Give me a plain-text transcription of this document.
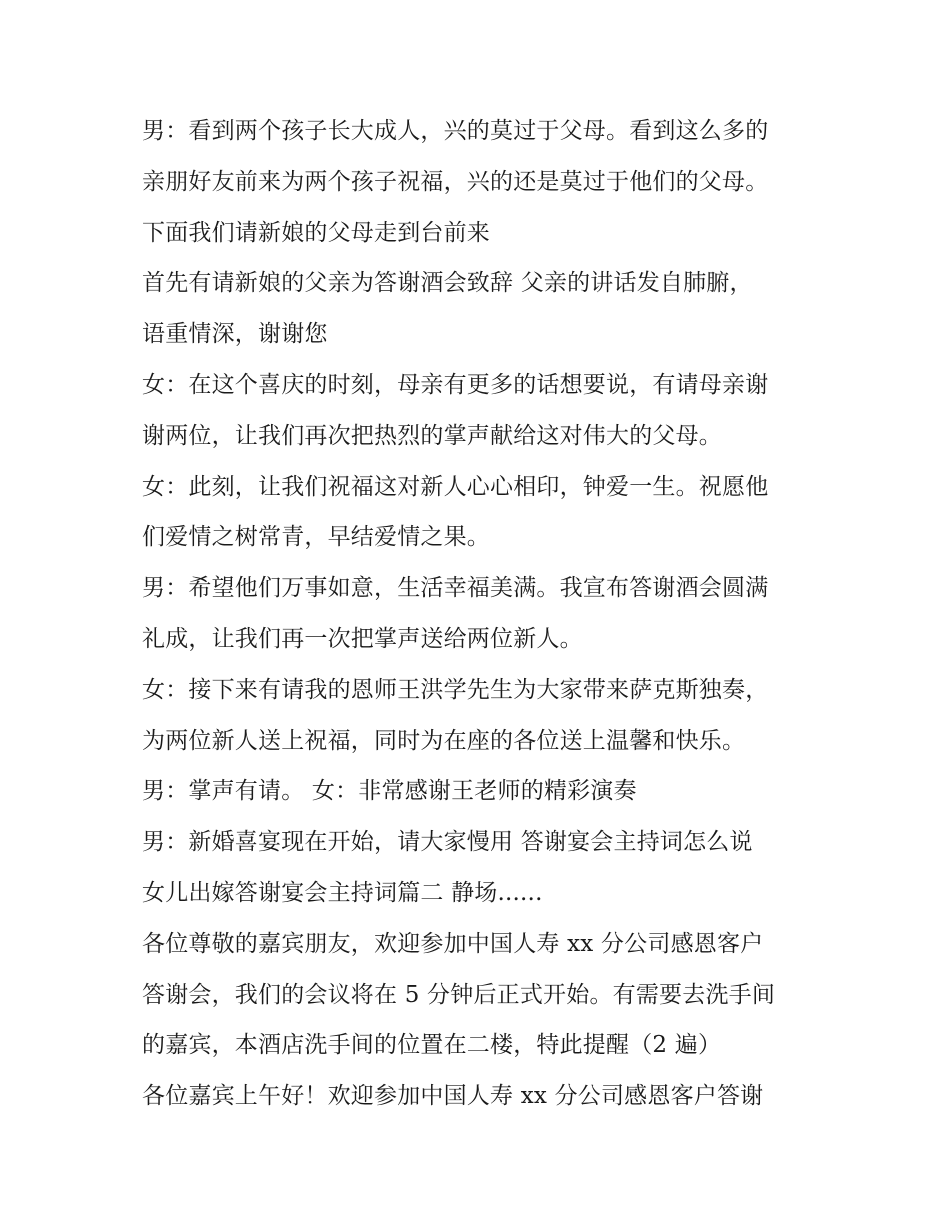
男：看到两个孩子长大成人，兴的莫过于父母。看到这么多的
亲朋好友前来为两个孩子祝福，兴的还是莫过于他们的父母。
下面我们请新娘的父母走到台前来
首先有请新娘的父亲为答谢酒会致辞 父亲的讲话发自肺腑，
语重情深，谢谢您
女：在这个喜庆的时刻，母亲有更多的话想要说，有请母亲谢
谢两位，让我们再次把热烈的掌声献给这对伟大的父母。
女：此刻，让我们祝福这对新人心心相印，钟爱一生。祝愿他
们爱情之树常青，早结爱情之果。
男：希望他们万事如意，生活幸福美满。我宣布答谢酒会圆满
礼成，让我们再一次把掌声送给两位新人。
女：接下来有请我的恩师王洪学先生为大家带来萨克斯独奏，
为两位新人送上祝福，同时为在座的各位送上温馨和快乐。
男：掌声有请。 女：非常感谢王老师的精彩演奏
男：新婚喜宴现在开始，请大家慢用 答谢宴会主持词怎么说
女儿出嫁答谢宴会主持词篇二 静场......
各位尊敬的嘉宾朋友，欢迎参加中国人寿 xx 分公司感恩客户
答谢会，我们的会议将在 5 分钟后正式开始。有需要去洗手间
的嘉宾，本酒店洗手间的位置在二楼，特此提醒（2 遍）
各位嘉宾上午好！欢迎参加中国人寿 xx 分公司感恩客户答谢
